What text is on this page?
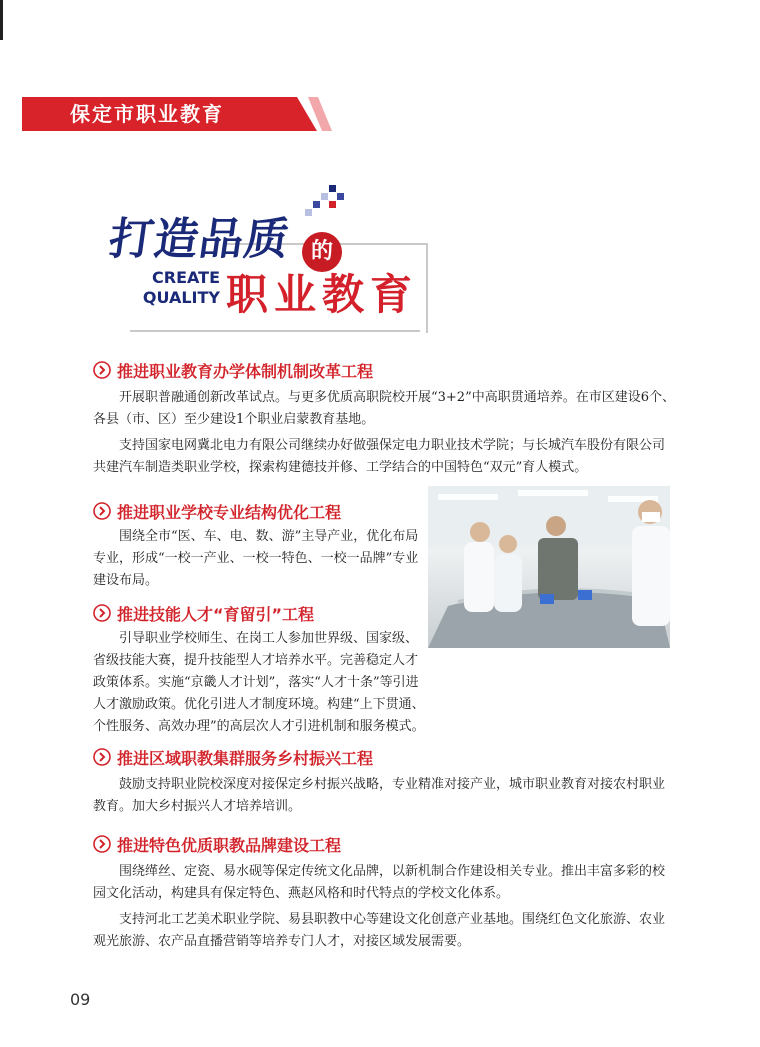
保定市职业教育
打造品质 的
CREATE
QUALITY 职业教育
推进职业教育办学体制机制改革工程

开展职普融通创新改革试点。与更多优质高职院校开展“3+2”中高职贯通培养。在市区建设6个、各县（市、区）至少建设1个职业启蒙教育基地。

支持国家电网冀北电力有限公司继续办好做强保定电力职业技术学院；与长城汽车股份有限公司共建汽车制造类职业学校，探索构建德技并修、工学结合的中国特色“双元”育人模式。

推进职业学校专业结构优化工程

围绕全市“医、车、电、数、游”主导产业，优化布局专业，形成“一校一产业、一校一特色、一校一品牌”专业建设布局。

推进技能人才“育留引”工程

引导职业学校师生、在岗工人参加世界级、国家级、省级技能大赛，提升技能型人才培养水平。完善稳定人才政策体系。实施“京畿人才计划”，落实“人才十条”等引进人才激励政策。优化引进人才制度环境。构建“上下贯通、个性服务、高效办理”的高层次人才引进机制和服务模式。

推进区域职教集群服务乡村振兴工程

鼓励支持职业院校深度对接保定乡村振兴战略，专业精准对接产业，城市职业教育对接农村职业教育。加大乡村振兴人才培养培训。

推进特色优质职教品牌建设工程

围绕缂丝、定瓷、易水砚等保定传统文化品牌，以新机制合作建设相关专业。推出丰富多彩的校园文化活动，构建具有保定特色、燕赵风格和时代特点的学校文化体系。

支持河北工艺美术职业学院、易县职教中心等建设文化创意产业基地。围绕红色文化旅游、农业观光旅游、农产品直播营销等培养专门人才，对接区域发展需要。

09
